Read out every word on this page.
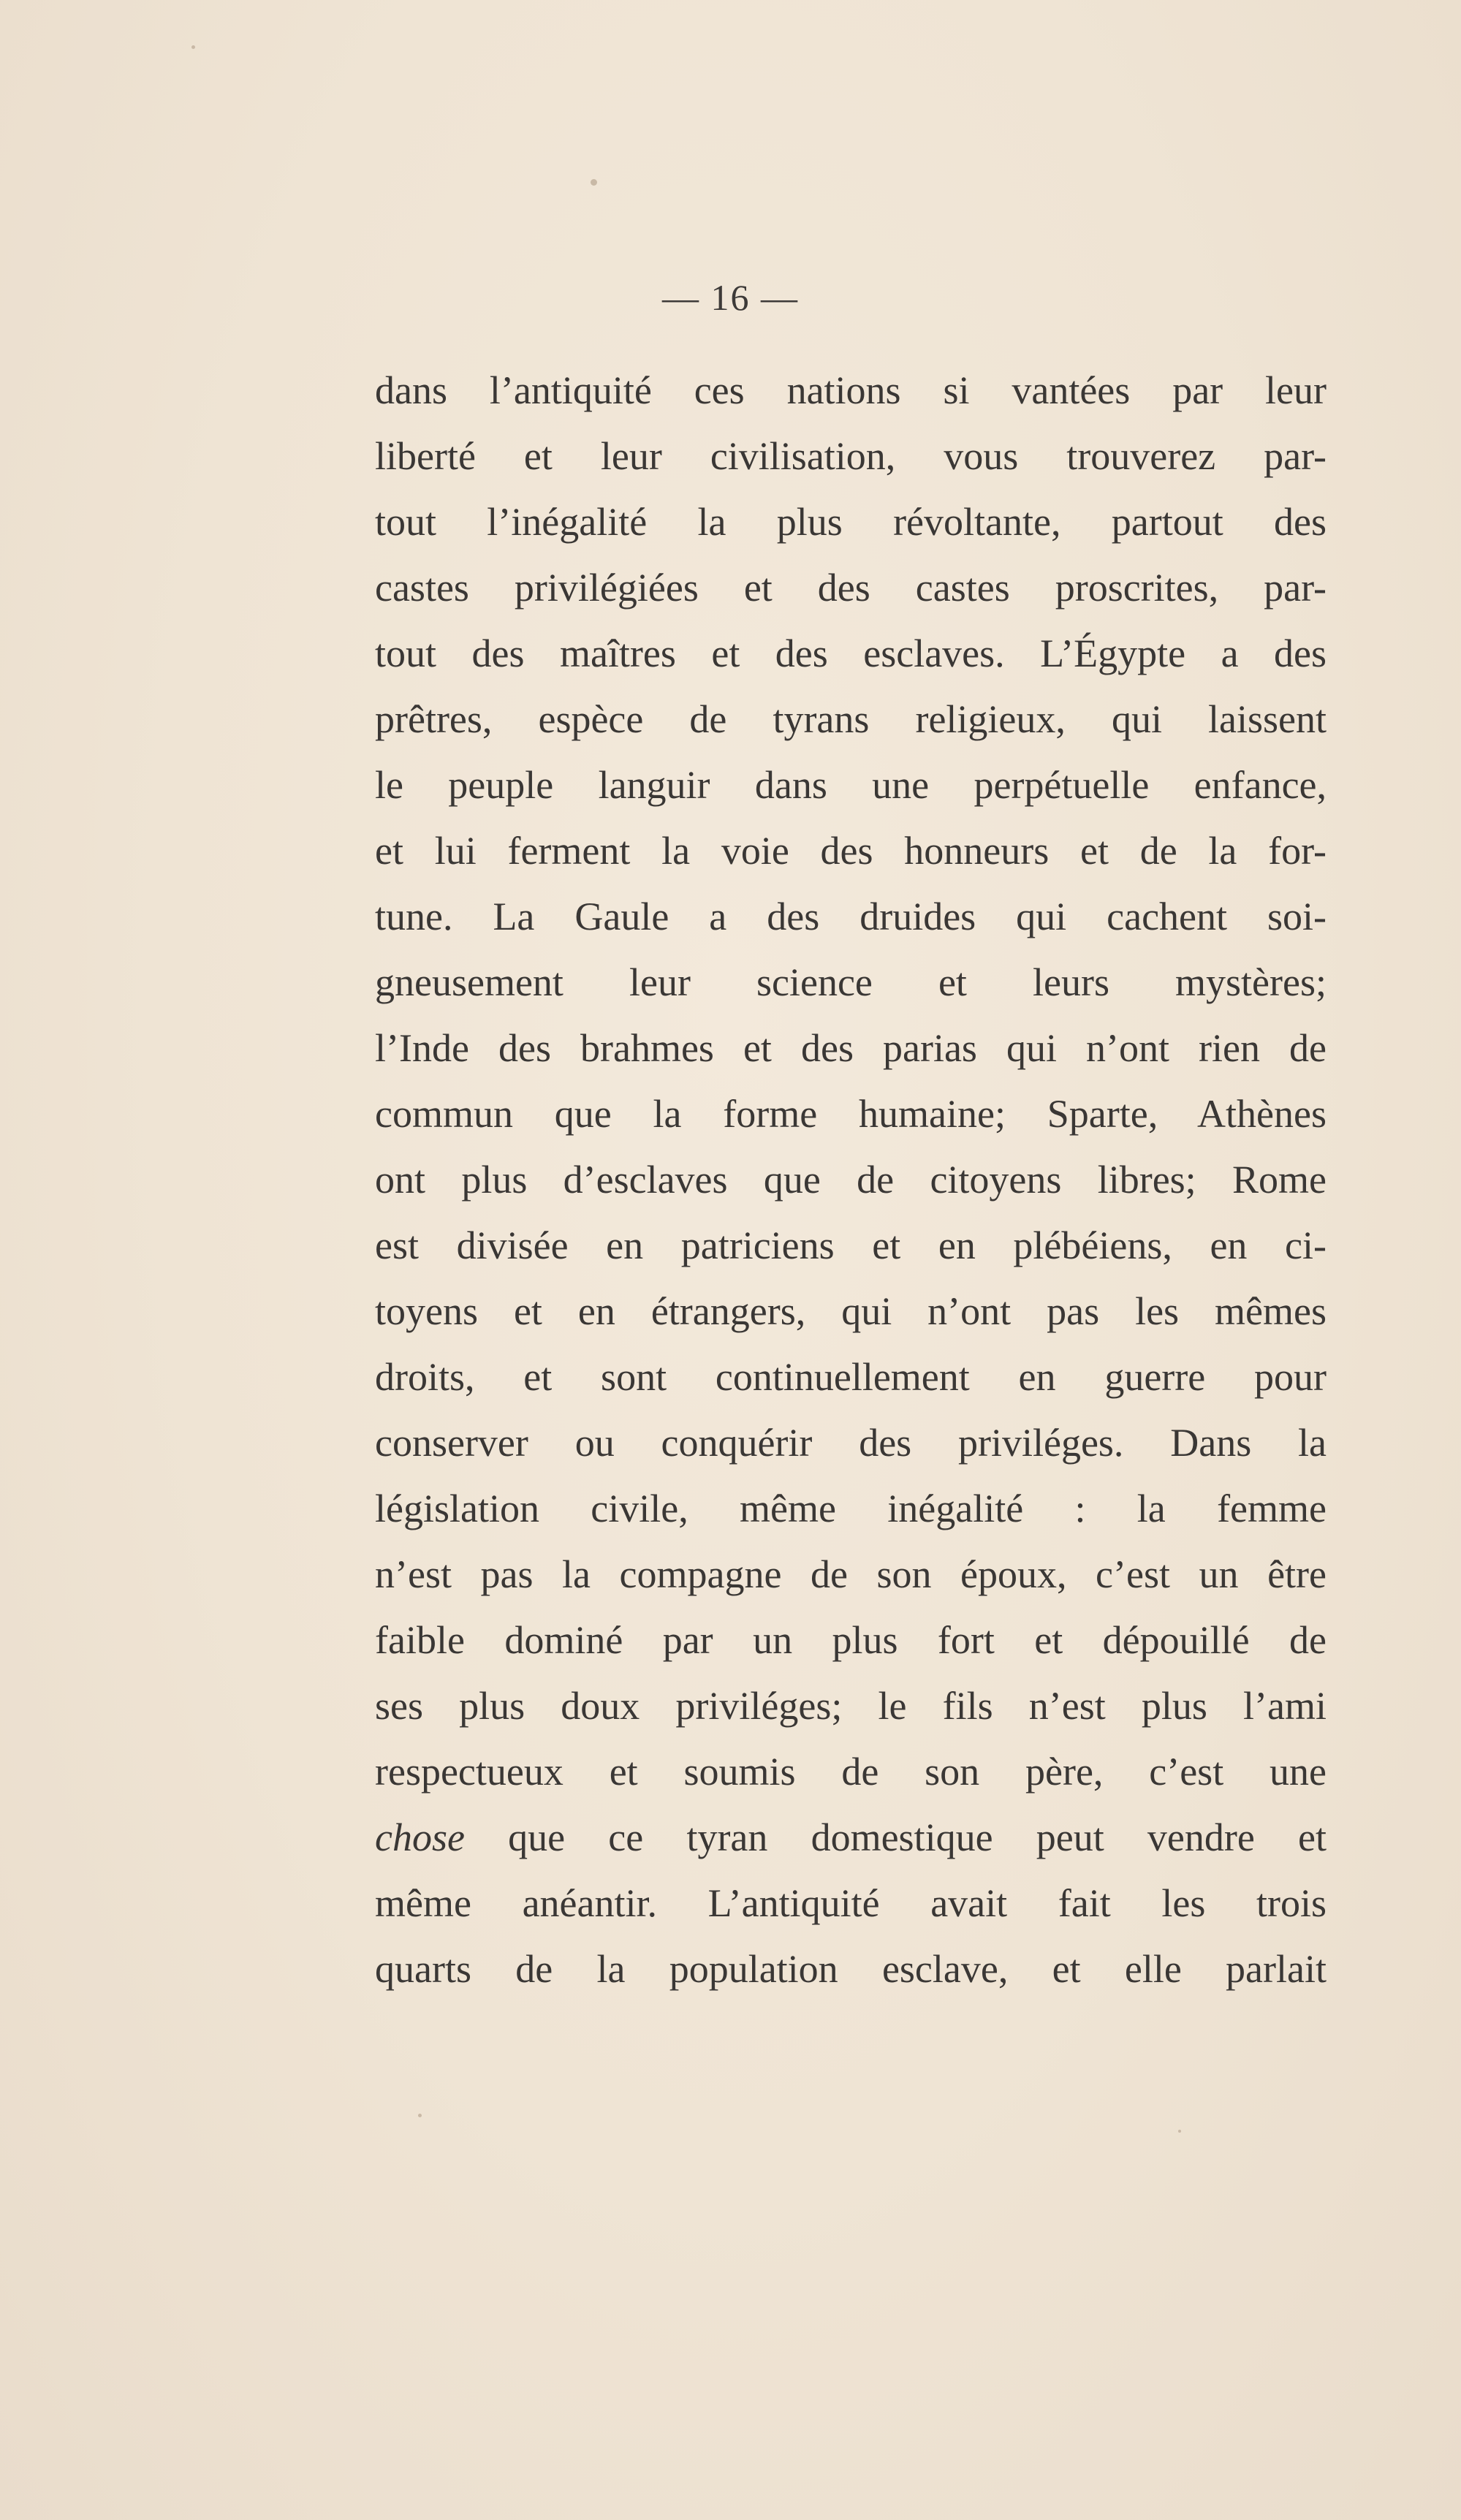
— 16 —
dans l’antiquité ces nations si vantées par leur
liberté et leur civilisation, vous trouverez par-
tout l’inégalité la plus révoltante, partout des
castes privilégiées et des castes proscrites, par-
tout des maîtres et des esclaves. L’Égypte a des
prêtres, espèce de tyrans religieux, qui laissent
le peuple languir dans une perpétuelle enfance,
et lui ferment la voie des honneurs et de la for-
tune. La Gaule a des druides qui cachent soi-
gneusement leur science et leurs mystères;
l’Inde des brahmes et des parias qui n’ont rien de
commun que la forme humaine; Sparte, Athènes
ont plus d’esclaves que de citoyens libres; Rome
est divisée en patriciens et en plébéiens, en ci-
toyens et en étrangers, qui n’ont pas les mêmes
droits, et sont continuellement en guerre pour
conserver ou conquérir des priviléges. Dans la
législation civile, même inégalité : la femme
n’est pas la compagne de son époux, c’est un être
faible dominé par un plus fort et dépouillé de
ses plus doux priviléges; le fils n’est plus l’ami
respectueux et soumis de son père, c’est une
chose que ce tyran domestique peut vendre et
même anéantir. L’antiquité avait fait les trois
quarts de la population esclave, et elle parlait
